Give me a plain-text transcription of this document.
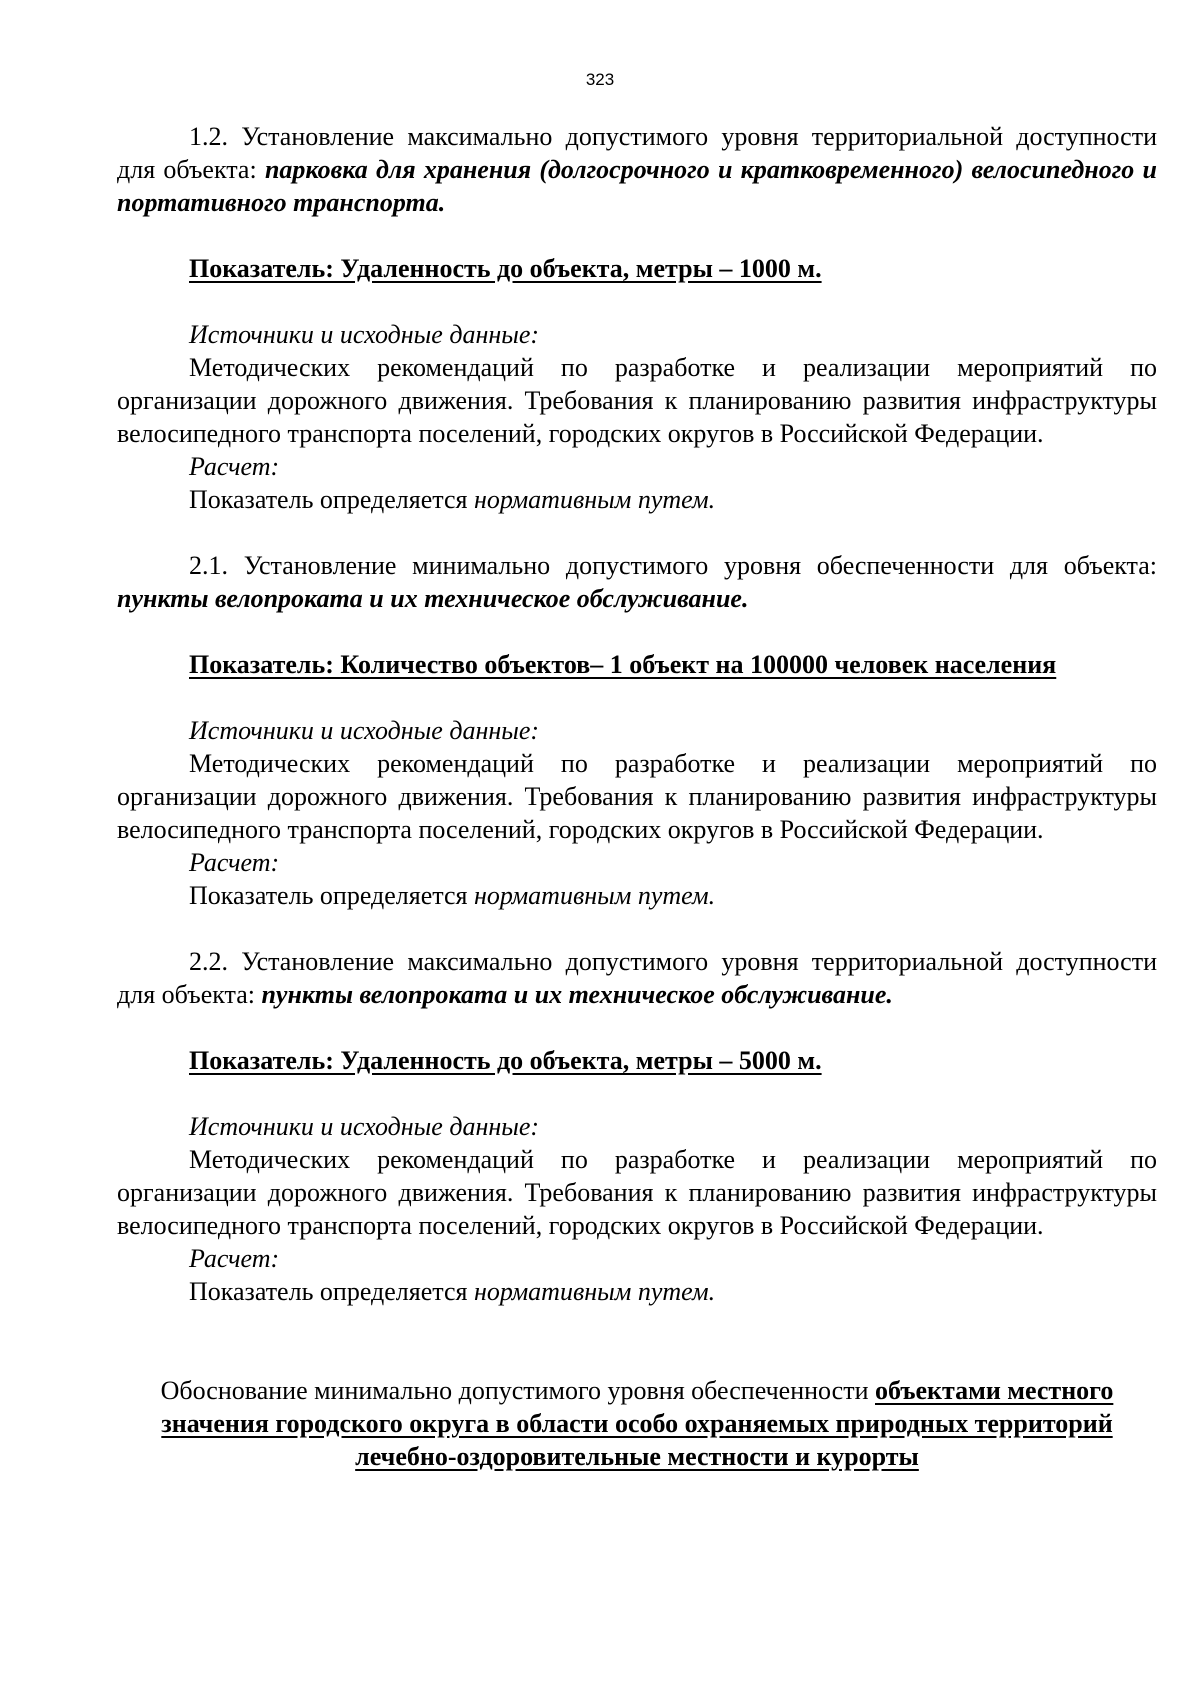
323

1.2. Установление максимально допустимого уровня территориальной доступности для объекта: парковка для хранения (долгосрочного и кратковременного) велосипедного и портативного транспорта.

Показатель: Удаленность до объекта, метры – 1000 м.

Источники и исходные данные:

Методических рекомендаций по разработке и реализации мероприятий по организации дорожного движения. Требования к планированию развития инфраструктуры велосипедного транспорта поселений, городских округов в Российской Федерации.

Расчет:

Показатель определяется нормативным путем.

2.1. Установление минимально допустимого уровня обеспеченности для объекта: пункты велопроката и их техническое обслуживание.

Показатель: Количество объектов– 1 объект на 100000 человек населения

Источники и исходные данные:

Методических рекомендаций по разработке и реализации мероприятий по организации дорожного движения. Требования к планированию развития инфраструктуры велосипедного транспорта поселений, городских округов в Российской Федерации.

Расчет:

Показатель определяется нормативным путем.

2.2. Установление максимально допустимого уровня территориальной доступности для объекта: пункты велопроката и их техническое обслуживание.

Показатель: Удаленность до объекта, метры – 5000 м.

Источники и исходные данные:

Методических рекомендаций по разработке и реализации мероприятий по организации дорожного движения. Требования к планированию развития инфраструктуры велосипедного транспорта поселений, городских округов в Российской Федерации.

Расчет:

Показатель определяется нормативным путем.

Обоснование минимально допустимого уровня обеспеченности объектами местного значения городского округа в области особо охраняемых природных территорий лечебно-оздоровительные местности и курорты
